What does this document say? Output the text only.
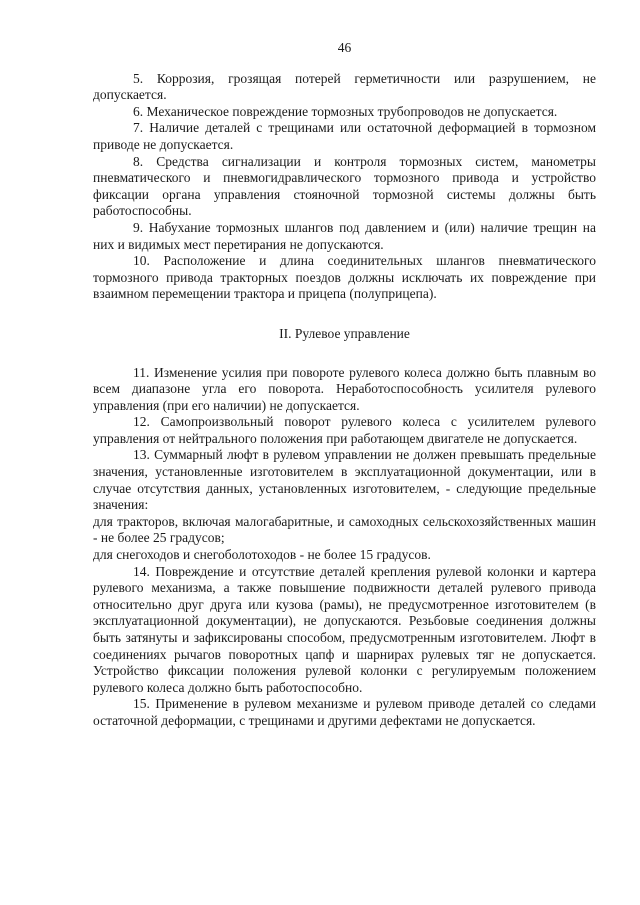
46

5. Коррозия, грозящая потерей герметичности или разрушением, не допускается.

6. Механическое повреждение тормозных трубопроводов не допускается.

7. Наличие деталей с трещинами или остаточной деформацией в тормозном приводе не допускается.

8. Средства сигнализации и контроля тормозных систем, манометры пневматического и пневмогидравлического тормозного привода и устройство фиксации органа управления стояночной тормозной системы должны быть работоспособны.

9. Набухание тормозных шлангов под давлением и (или) наличие трещин на них и видимых мест перетирания не допускаются.

10. Расположение и длина соединительных шлангов пневматического тормозного привода тракторных поездов должны исключать их повреждение при взаимном перемещении трактора и прицепа (полуприцепа).

II. Рулевое управление

11. Изменение усилия при повороте рулевого колеса должно быть плавным во всем диапазоне угла его поворота. Неработоспособность усилителя рулевого управления (при его наличии) не допускается.

12. Самопроизвольный поворот рулевого колеса с усилителем рулевого управления от нейтрального положения при работающем двигателе не допускается.

13. Суммарный люфт в рулевом управлении не должен превышать предельные значения, установленные изготовителем в эксплуатационной документации, или в случае отсутствия данных, установленных изготовителем, - следующие предельные значения:

для тракторов, включая малогабаритные, и самоходных сельскохозяйственных машин - не более 25 градусов;

для снегоходов и снегоболотоходов - не более 15 градусов.

14. Повреждение и отсутствие деталей крепления рулевой колонки и картера рулевого механизма, а также повышение подвижности деталей рулевого привода относительно друг друга или кузова (рамы), не предусмотренное изготовителем (в эксплуатационной документации), не допускаются. Резьбовые соединения должны быть затянуты и зафиксированы способом, предусмотренным изготовителем. Люфт в соединениях рычагов поворотных цапф и шарнирах рулевых тяг не допускается. Устройство фиксации положения рулевой колонки с регулируемым положением рулевого колеса должно быть работоспособно.

15. Применение в рулевом механизме и рулевом приводе деталей со следами остаточной деформации, с трещинами и другими дефектами не допускается.
